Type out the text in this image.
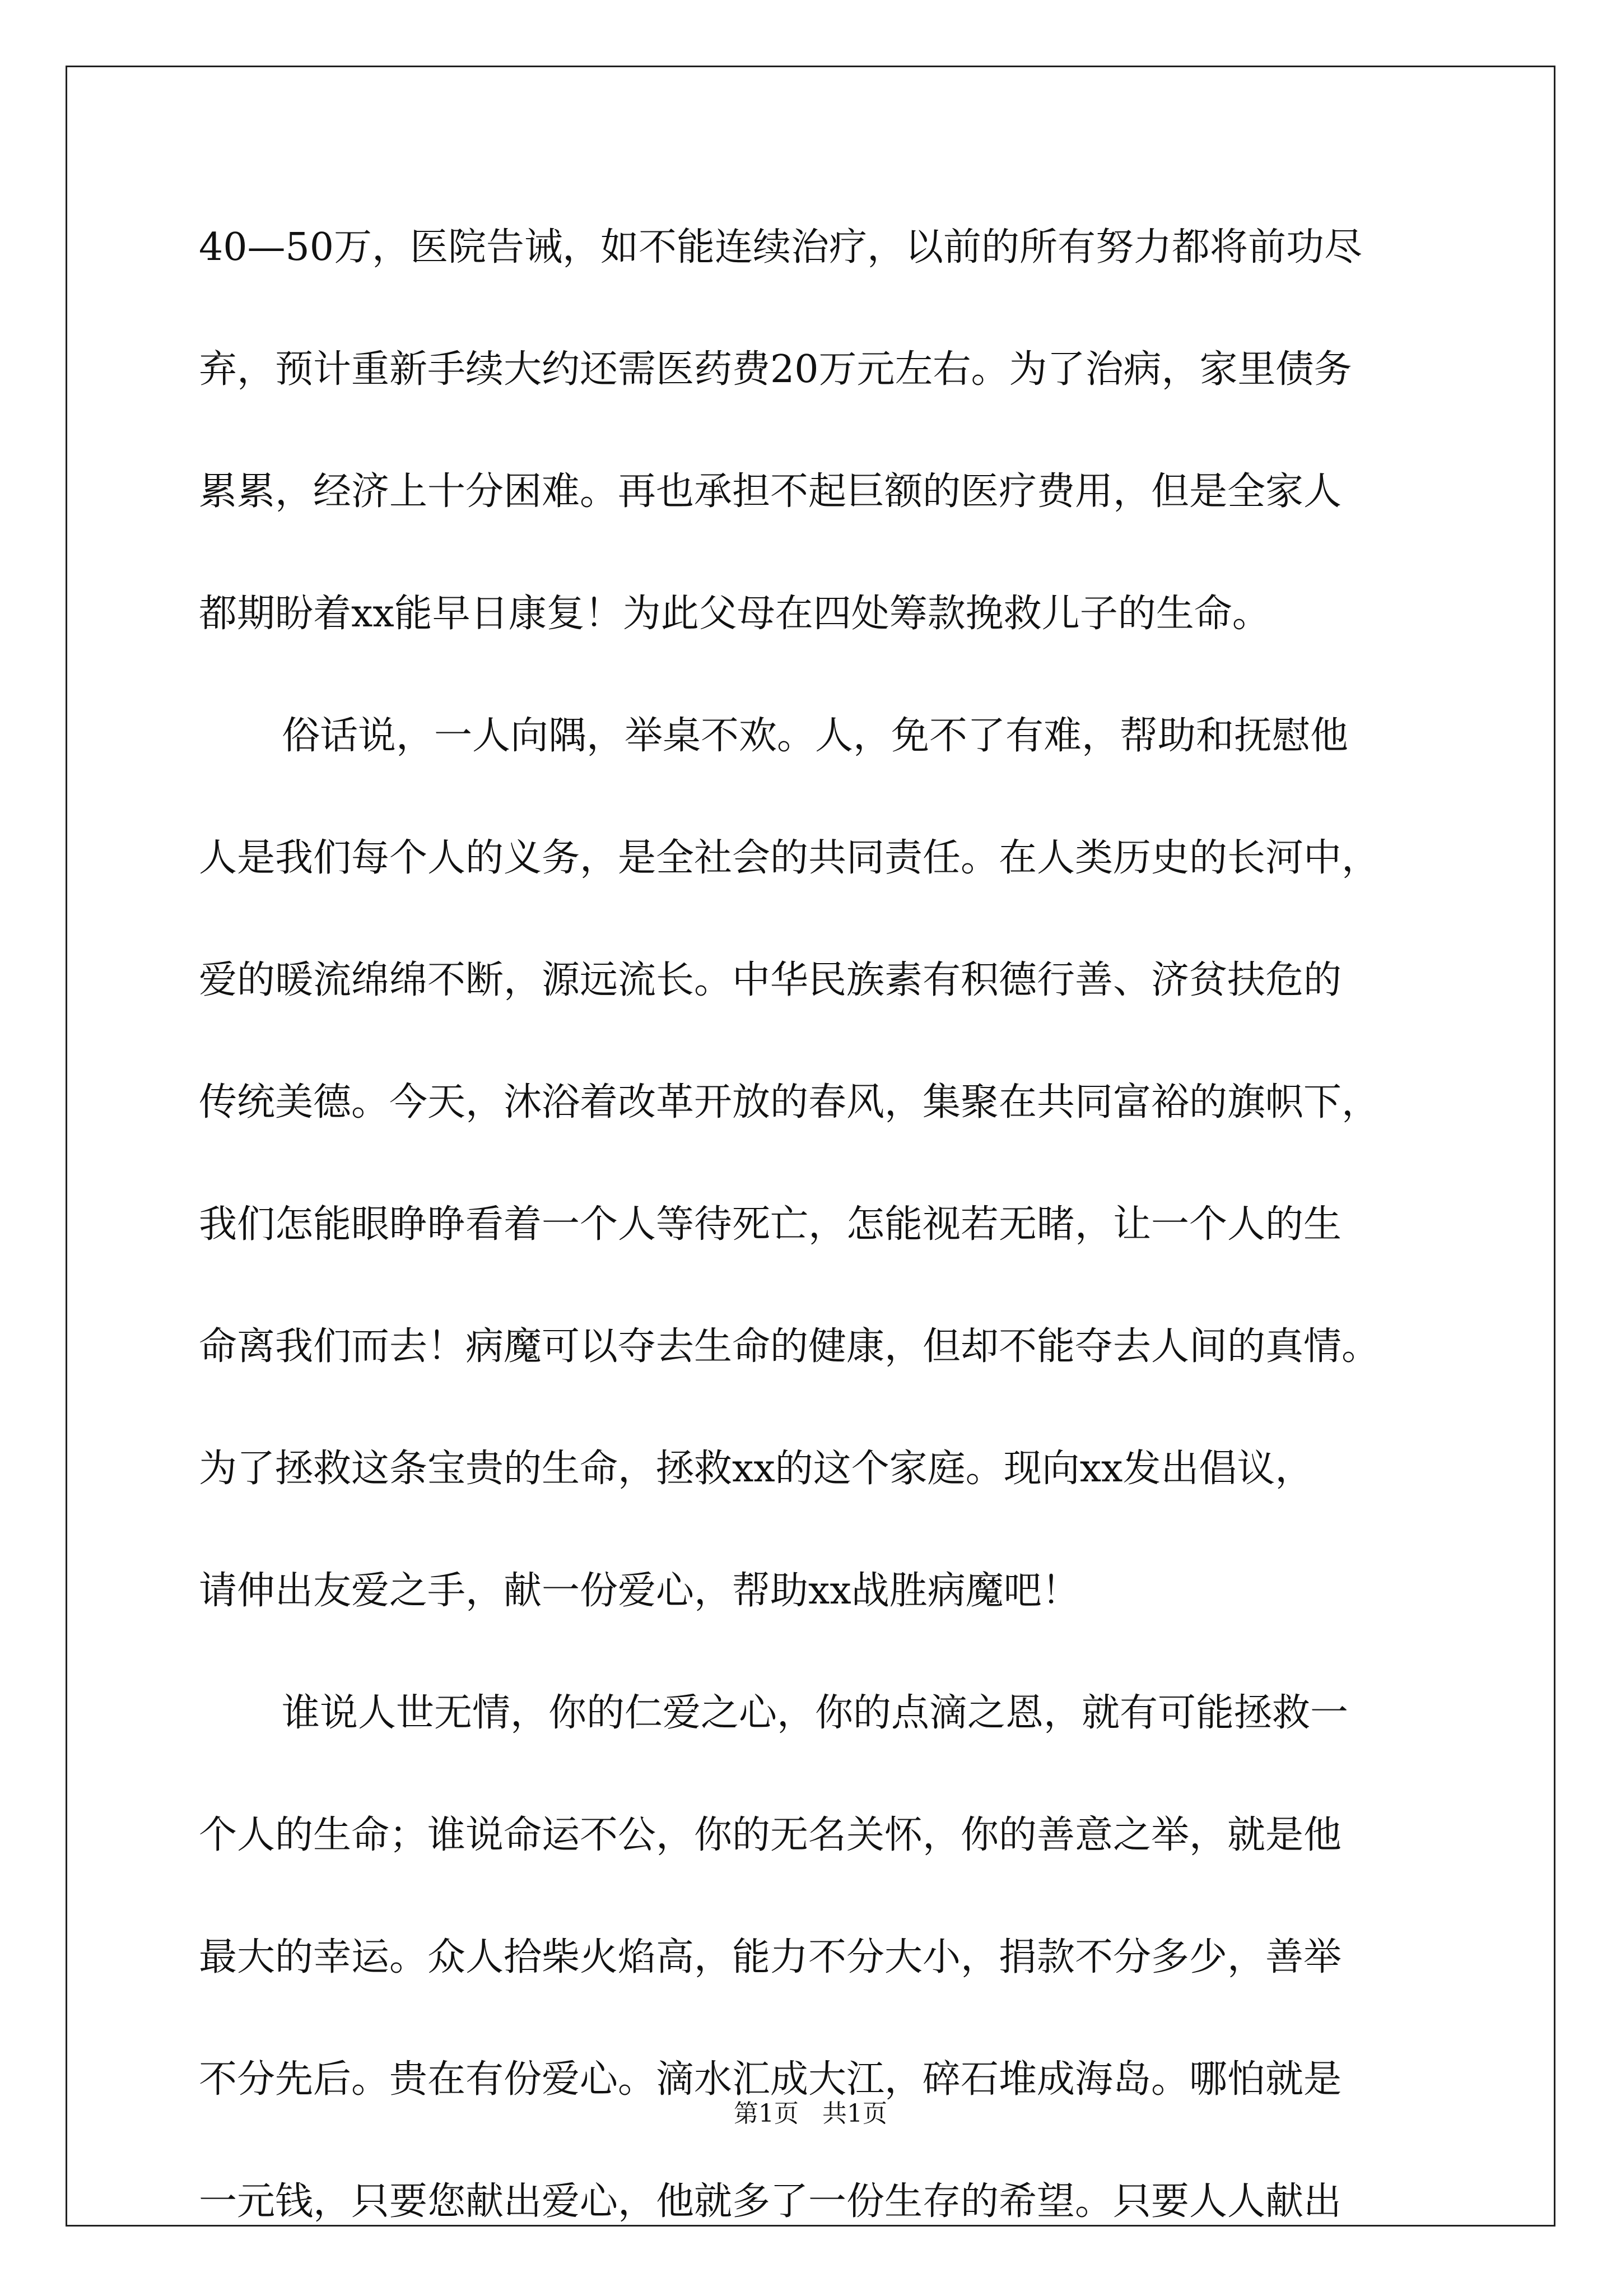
40—50万，医院告诫，如不能连续治疗，以前的所有努力都将前功尽
弃，预计重新手续大约还需医药费20万元左右。为了治病，家里债务
累累，经济上十分困难。再也承担不起巨额的医疗费用，但是全家人
都期盼着xx能早日康复！为此父母在四处筹款挽救儿子的生命。
俗话说，一人向隅，举桌不欢。人，免不了有难，帮助和抚慰他
人是我们每个人的义务，是全社会的共同责任。在人类历史的长河中，
爱的暖流绵绵不断，源远流长。中华民族素有积德行善、济贫扶危的
传统美德。今天，沐浴着改革开放的春风，集聚在共同富裕的旗帜下，
我们怎能眼睁睁看着一个人等待死亡，怎能视若无睹，让一个人的生
命离我们而去！病魔可以夺去生命的健康，但却不能夺去人间的真情。
为了拯救这条宝贵的生命，拯救xx的这个家庭。现向xx发出倡议，
请伸出友爱之手，献一份爱心，帮助xx战胜病魔吧！
谁说人世无情，你的仁爱之心，你的点滴之恩，就有可能拯救一
个人的生命；谁说命运不公，你的无名关怀，你的善意之举，就是他
最大的幸运。众人拾柴火焰高，能力不分大小，捐款不分多少，善举
不分先后。贵在有份爱心。滴水汇成大江，碎石堆成海岛。哪怕就是
一元钱，只要您献出爱心，他就多了一份生存的希望。只要人人献出
第1页   共1页
